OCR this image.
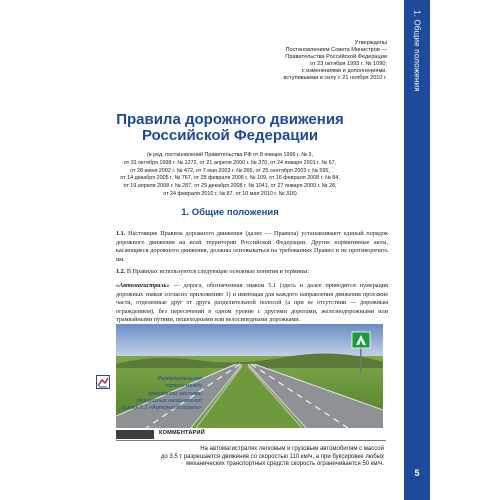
1. Общие положения
5
Утверждены
Постановлением Совета Министров —
Правительства Российской Федерации
от 23 октября 1993 г. № 1090;
с изменениями и дополнениями,
вступившими в силу с 21 ноября 2010 г.
Правила дорожного движения
Российской Федерации
(в ред. постановлений Правительства РФ от 8 января 1996 г. № 3,
от 31 октября 1998 г. № 1272, от 21 апреля 2000 г. № 370, от 24 января 2001 г. № 67,
от 28 июня 2002 г. № 472, от 7 мая 2003 г. № 265, от 25 сентября 2003 г. № 595,
от 14 декабря 2005 г. № 767, от 28 февраля 2006 г. № 109, от 16 февраля 2008 г. № 84,
от 19 апреля 2008 г. № 287, от 29 декабря 2008 г. № 1041, от 27 января 2009 г. № 28,
от 24 февраля 2010 г. № 87, от 10 мая 2010 г. № 316)
1. Общие положения
1.1. Настоящие Правила дорожного движения (далее — Правила) устанавливают единый порядок дорожного движения на всей территории Российской Федерации. Другие нормативные акты, касающиеся дорожного движения, должны основываться на требованиях Правил и не противоречить им.
1.2. В Правилах используются следующие основные понятия и термины:
«Автомагистраль» — дорога, обозначенная знаком 5.1 (здесь и далее приводится нумерация дорожных знаков согласно приложению 1) и имеющая для каждого направления движения проезжие части, отделенные друг от друга разделительной полосой (а при ее отсутствии — дорожным ограждением), без пересечений в одном уровне с другими дорогами, железнодорожными или трамвайными путями, пешеходными или велосипедными дорожками.
Разделительная
полоса между
проезжими частями
для разных направлений
и знак 5.1 «Автомагистраль»
КОММЕНТАРИЙ
На автомагистралях легковым и грузовым автомобилям с массой
до 3,5 т разрешается движение со скоростью 110 км/ч, а при буксировке любых
механических транспортных средств скорость ограничивается 50 км/ч.
